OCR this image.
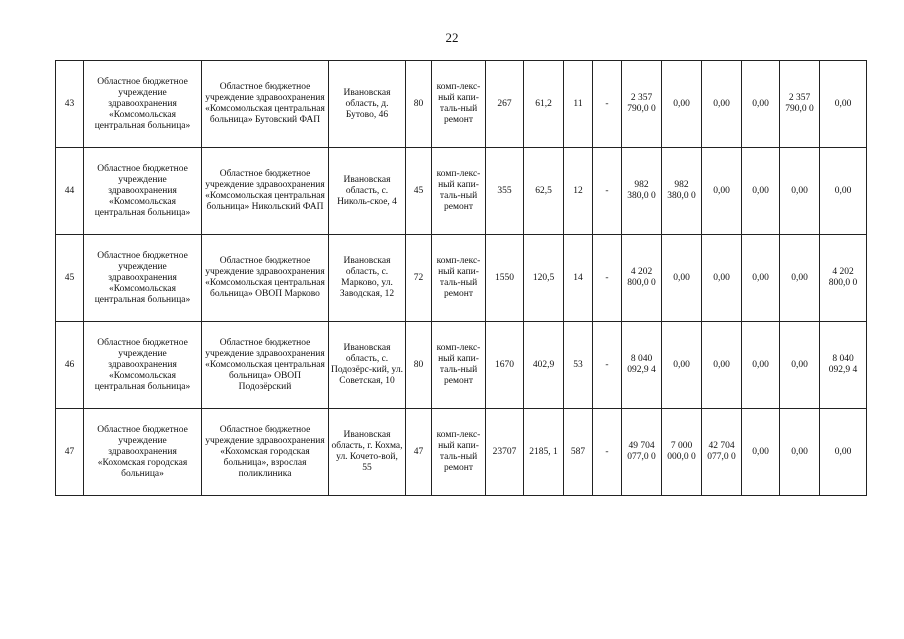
22
43	Областное бюджетное учреждение здравоохранения «Комсомольская центральная больница»	Областное бюджетное учреждение здравоохранения «Комсомольская центральная больница» Бутовский ФАП	Ивановская область, д. Бутово, 46	80	комп-лекс-ный капи-таль-ный ремонт	267	61,2	11	-	2 357 790,0 0	0,00	0,00	0,00	2 357 790,0 0	0,00
44	Областное бюджетное учреждение здравоохранения «Комсомольская центральная больница»	Областное бюджетное учреждение здравоохранения «Комсомольская центральная больница» Никольский ФАП	Ивановская область, с. Николь-ское, 4	45	комп-лекс-ный капи-таль-ный ремонт	355	62,5	12	-	982 380,0 0	982 380,0 0	0,00	0,00	0,00	0,00
45	Областное бюджетное учреждение здравоохранения «Комсомольская центральная больница»	Областное бюджетное учреждение здравоохранения «Комсомольская центральная больница» ОВОП Марково	Ивановская область, с. Марково, ул. Заводская, 12	72	комп-лекс-ный капи-таль-ный ремонт	1550	120,5	14	-	4 202 800,0 0	0,00	0,00	0,00	0,00	4 202 800,0 0
46	Областное бюджетное учреждение здравоохранения «Комсомольская центральная больница»	Областное бюджетное учреждение здравоохранения «Комсомольская центральная больница» ОВОП Подозёрский	Ивановская область, с. Подозёрс-кий, ул. Советская, 10	80	комп-лекс-ный капи-таль-ный ремонт	1670	402,9	53	-	8 040 092,9 4	0,00	0,00	0,00	0,00	8 040 092,9 4
47	Областное бюджетное учреждение здравоохранения «Кохомская городская больница»	Областное бюджетное учреждение здравоохранения «Кохомская городская больница», взрослая поликлиника	Ивановская область, г. Кохма, ул. Кочето-вой, 55	47	комп-лекс-ный капи-таль-ный ремонт	23707	2185, 1	587	-	49 704 077,0 0	7 000 000,0 0	42 704 077,0 0	0,00	0,00	0,00
